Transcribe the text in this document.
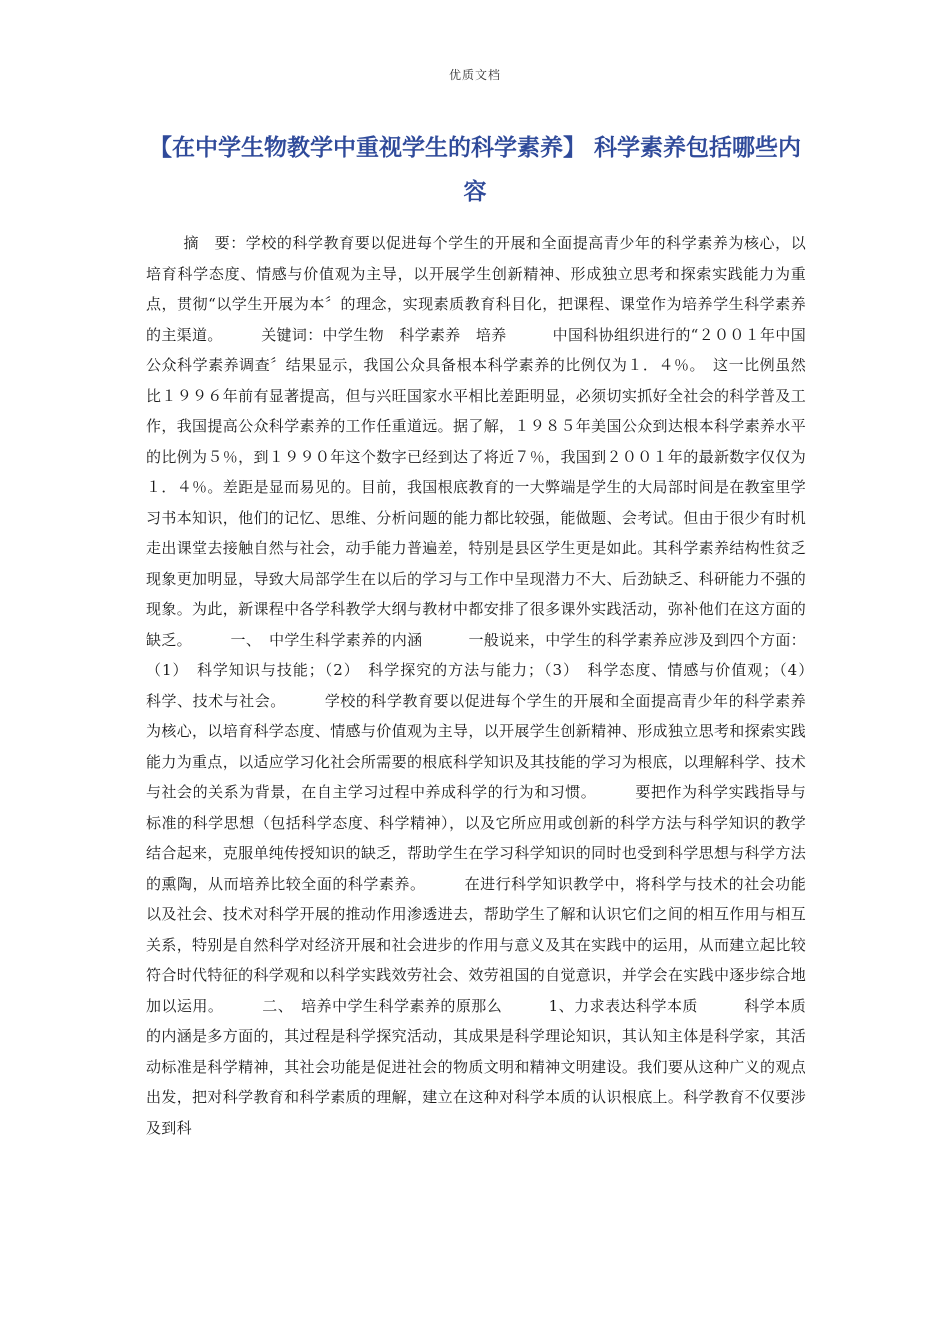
优质文档
【在中学生物教学中重视学生的科学素养】 科学素养包括哪些内容

摘　要：学校的科学教育要以促进每个学生的开展和全面提高青少年的科学素养为核心，以培育科学态度、情感与价值观为主导，以开展学生创新精神、形成独立思考和探索实践能力为重点，贯彻“以学生开展为本〞的理念，实现素质教育科目化，把课程、课堂作为培养学生科学素养的主渠道。　　　关键词：中学生物　科学素养　培养　　　中国科协组织进行的“２００１年中国公众科学素养调查〞结果显示，我国公众具备根本科学素养的比例仅为１．４％。　这一比例虽然比１９９６年前有显著提高，但与兴旺国家水平相比差距明显，必须切实抓好全社会的科学普及工作，我国提高公众科学素养的工作任重道远。据了解，１９８５年美国公众到达根本科学素养水平的比例为５％，到１９９０年这个数字已经到达了将近７％，我国到２００１年的最新数字仅仅为１．４％。差距是显而易见的。目前，我国根底教育的一大弊端是学生的大局部时间是在教室里学习书本知识，他们的记忆、思维、分析问题的能力都比较强，能做题、会考试。但由于很少有时机走出课堂去接触自然与社会，动手能力普遍差，特别是县区学生更是如此。其科学素养结构性贫乏现象更加明显，导致大局部学生在以后的学习与工作中呈现潜力不大、后劲缺乏、科研能力不强的现象。为此，新课程中各学科教学大纲与教材中都安排了很多课外实践活动，弥补他们在这方面的缺乏。　　　一、　中学生科学素养的内涵　　　一般说来，中学生的科学素养应涉及到四个方面：（1）　科学知识与技能；（2）　科学探究的方法与能力；（3）　科学态度、情感与价值观；（4）　科学、技术与社会。　　　学校的科学教育要以促进每个学生的开展和全面提高青少年的科学素养为核心，以培育科学态度、情感与价值观为主导，以开展学生创新精神、形成独立思考和探索实践能力为重点，以适应学习化社会所需要的根底科学知识及其技能的学习为根底，以理解科学、技术与社会的关系为背景，在自主学习过程中养成科学的行为和习惯。　　　要把作为科学实践指导与标准的科学思想（包括科学态度、科学精神），以及它所应用或创新的科学方法与科学知识的教学结合起来，克服单纯传授知识的缺乏，帮助学生在学习科学知识的同时也受到科学思想与科学方法的熏陶，从而培养比较全面的科学素养。　　　在进行科学知识教学中，将科学与技术的社会功能以及社会、技术对科学开展的推动作用渗透进去，帮助学生了解和认识它们之间的相互作用与相互关系，特别是自然科学对经济开展和社会进步的作用与意义及其在实践中的运用，从而建立起比较符合时代特征的科学观和以科学实践效劳社会、效劳祖国的自觉意识，并学会在实践中逐步综合地加以运用。　　　二、　培养中学生科学素养的原那么　　　1、力求表达科学本质　　　科学本质的内涵是多方面的，其过程是科学探究活动，其成果是科学理论知识，其认知主体是科学家，其活动标准是科学精神，其社会功能是促进社会的物质文明和精神文明建设。我们要从这种广义的观点出发，把对科学教育和科学素质的理解，建立在这种对科学本质的认识根底上。科学教育不仅要涉及到科
